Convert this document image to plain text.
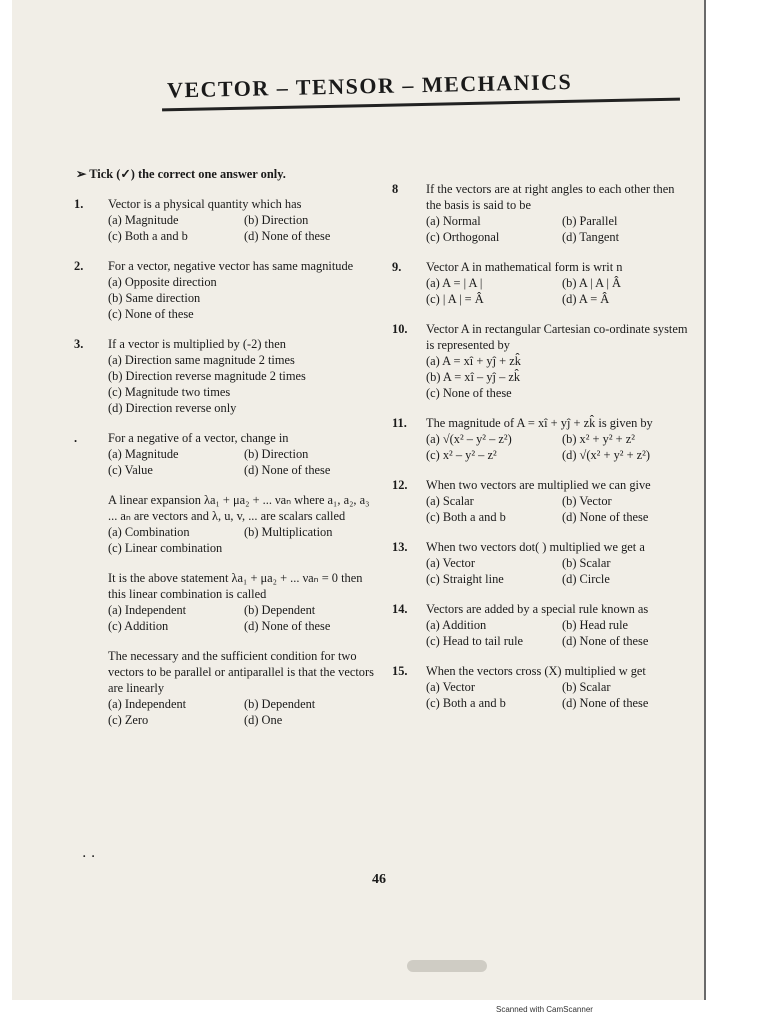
VECTOR – TENSOR – MECHANICS
➢ Tick (✓) the correct one answer only.
1.	Vector is a physical quantity which has
(a) Magnitude	(b) Direction
(c) Both a and b	(d) None of these
2.	For a vector, negative vector has same magnitude
(a) Opposite direction
(b) Same direction
(c) None of these
3.	If a vector is multiplied by (-2) then
(a) Direction same magnitude 2 times
(b) Direction reverse magnitude 2 times
(c) Magnitude two times
(d) Direction reverse only
.	For a negative of a vector, change in
(a) Magnitude	(b) Direction
(c) Value	(d) None of these
A linear expansion λa₁ + μa₂ + ... νaₙ where a₁, a₂, a₃ ... aₙ are vectors and λ, u, v, ... are scalars called
(a) Combination	(b) Multiplication
(c) Linear combination
It is the above statement λa₁ + μa₂ + ... νaₙ = 0 then this linear combination is called
(a) Independent	(b) Dependent
(c) Addition	(d) None of these
The necessary and the sufficient condition for two vectors to be parallel or antiparallel is that the vectors are linearly
(a) Independent	(b) Dependent
(c) Zero	(d) One
8	If the vectors are at right angles to each other then the basis is said to be
(a) Normal	(b) Parallel
(c) Orthogonal	(d) Tangent
9.	Vector A in mathematical form is writ n
(a) A = | A |	(b) A | A | Â
(c) | A | = Â	(d) A = Â
10.	Vector A in rectangular Cartesian co-ordinate system is represented by
(a) A = xî + yĵ + zk̂
(b) A = xî – yĵ – zk̂
(c) None of these
11.	The magnitude of A = xî + yĵ + zk̂ is given by
(a) √(x² – y² – z²)	(b) x² + y² + z²
(c) x² – y² – z²	(d) √(x² + y² + z²)
12.	When two vectors are multiplied we can give
(a) Scalar	(b) Vector
(c) Both a and b	(d) None of these
13.	When two vectors dot( ) multiplied we get a
(a) Vector	(b) Scalar
(c) Straight line	(d) Circle
14.	Vectors are added by a special rule known as
(a) Addition	(b) Head rule
(c) Head to tail rule	(d) None of these
15.	When the vectors cross (X) multiplied w get
(a) Vector	(b) Scalar
(c) Both a and b	(d) None of these
. .
46
Scanned with CamScanner
